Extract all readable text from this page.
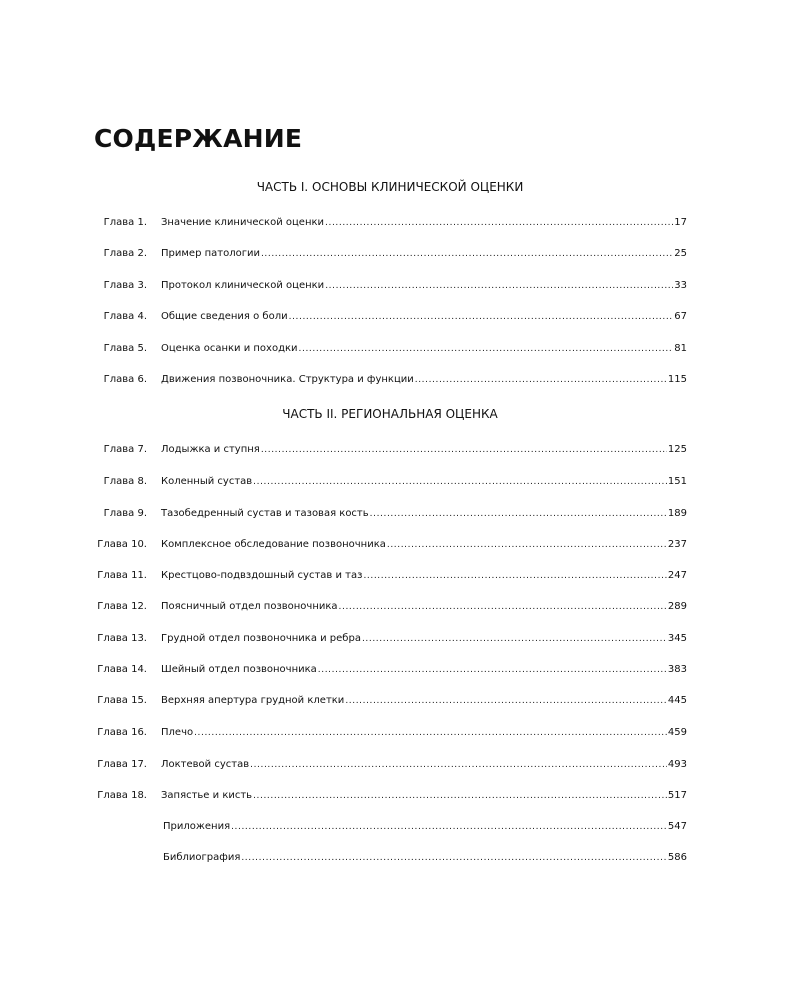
СОДЕРЖАНИЕ
ЧАСТЬ I. ОСНОВЫ КЛИНИЧЕСКОЙ ОЦЕНКИ
Глава 1. Значение клинической оценки .....	17
Глава 2. Пример патологии .....	25
Глава 3. Протокол клинической оценки .....	33
Глава 4. Общие сведения о боли .....	67
Глава 5. Оценка осанки и походки .....	81
Глава 6. Движения позвоночника. Структура и функции .....	115
ЧАСТЬ II. РЕГИОНАЛЬНАЯ ОЦЕНКА
Глава 7. Лодыжка и ступня .....	125
Глава 8. Коленный сустав .....	151
Глава 9. Тазобедренный сустав и тазовая кость .....	189
Глава 10. Комплексное обследование позвоночника .....	237
Глава 11. Крестцово-подвздошный сустав и таз .....	247
Глава 12. Поясничный отдел позвоночника .....	289
Глава 13. Грудной отдел позвоночника и ребра .....	345
Глава 14. Шейный отдел позвоночника .....	383
Глава 15. Верхняя апертура грудной клетки .....	445
Глава 16. Плечо .....	459
Глава 17. Локтевой сустав .....	493
Глава 18. Запястье и кисть .....	517
Приложения .....	547
Библиография .....	586
